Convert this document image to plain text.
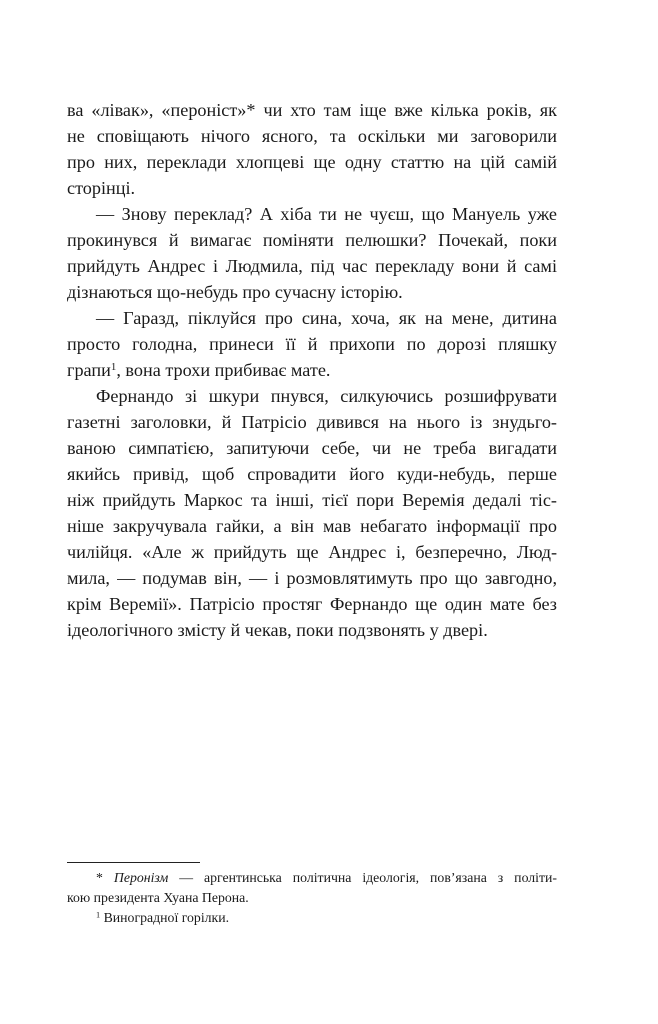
ва «лівак», «пероніст»* чи хто там іще вже кілька років, як
не сповіщають нічого ясного, та оскільки ми заговорили
про них, переклади хлопцеві ще одну статтю на цій самій
сторінці.
— Знову переклад? А хіба ти не чуєш, що Мануель уже
прокинувся й вимагає поміняти пелюшки? Почекай, поки
прийдуть Андрес і Людмила, під час перекладу вони й самі
дізнаються що-небудь про сучасну історію.
— Гаразд, піклуйся про сина, хоча, як на мене, дитина
просто голодна, принеси її й прихопи по дорозі пляшку
грапи$^1$, вона трохи прибиває мате.
Фернандо зі шкури пнувся, силкуючись розшифрувати
газетні заголовки, й Патрісіо дивився на нього із знудьго-
ваною симпатією, запитуючи себе, чи не треба вигадати
якийсь привід, щоб спровадити його куди-небудь, перше
ніж прийдуть Маркос та інші, тієї пори Веремія дедалі тіс-
ніше закручувала гайки, а він мав небагато інформації про
чилійця. «Але ж прийдуть ще Андрес і, безперечно, Люд-
мила, — подумав він, — і розмовлятимуть про що завгодно,
крім Веремії». Патрісіо простяг Фернандо ще один мате без
ідеологічного змісту й чекав, поки подзвонять у двері.
* Перонізм — аргентинська політична ідеологія, пов’язана з політи-
кою президента Хуана Перона.
$^1$ Виноградної горілки.
